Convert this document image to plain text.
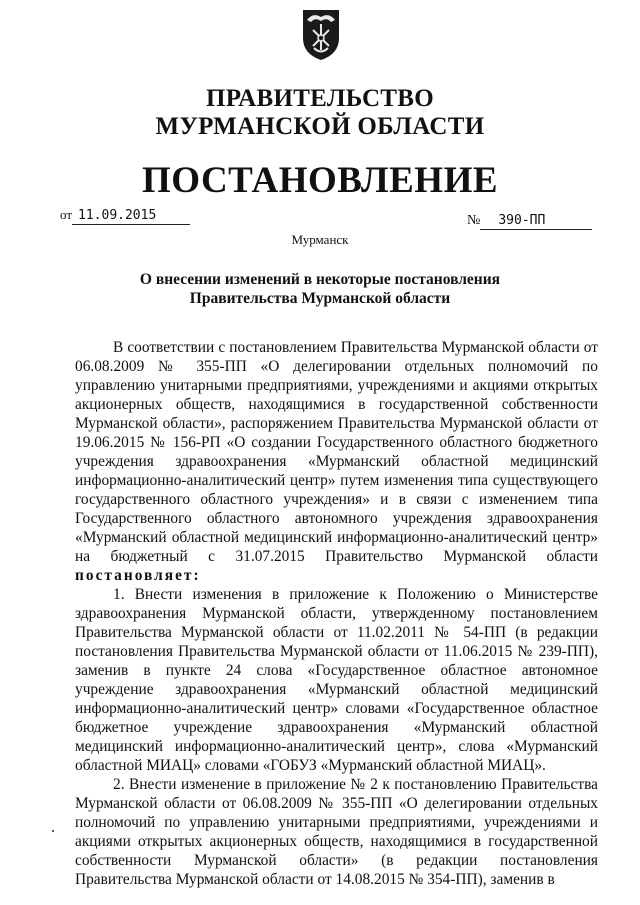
ПРАВИТЕЛЬСТВО
МУРМАНСКОЙ ОБЛАСТИ
ПОСТАНОВЛЕНИЕ
от 11.09.2015	№ 390-ПП
Мурманск
О внесении изменений в некоторые постановления
Правительства Мурманской области

В соответствии с постановлением Правительства Мурманской области от 06.08.2009 № 355-ПП «О делегировании отдельных полномочий по управлению унитарными предприятиями, учреждениями и акциями открытых акционерных обществ, находящимися в государственной собственности Мурманской области», распоряжением Правительства Мурманской области от 19.06.2015 № 156-РП «О создании Государственного областного бюджетного учреждения здравоохранения «Мурманский областной медицинский информационно-аналитический центр» путем изменения типа существующего государственного областного учреждения» и в связи с изменением типа Государственного областного автономного учреждения здравоохранения «Мурманский областной медицинский информационно-аналитический центр» на бюджетный с 31.07.2015 Правительство Мурманской области постановляет:

1. Внести изменения в приложение к Положению о Министерстве здравоохранения Мурманской области, утвержденному постановлением Правительства Мурманской области от 11.02.2011 № 54-ПП (в редакции постановления Правительства Мурманской области от 11.06.2015 № 239-ПП), заменив в пункте 24 слова «Государственное областное автономное учреждение здравоохранения «Мурманский областной медицинский информационно-аналитический центр» словами «Государственное областное бюджетное учреждение здравоохранения «Мурманский областной медицинский информационно-аналитический центр», слова «Мурманский областной МИАЦ» словами «ГОБУЗ «Мурманский областной МИАЦ».

2. Внести изменение в приложение № 2 к постановлению Правительства Мурманской области от 06.08.2009 № 355-ПП «О делегировании отдельных полномочий по управлению унитарными предприятиями, учреждениями и акциями открытых акционерных обществ, находящимися в государственной собственности Мурманской области» (в редакции постановления Правительства Мурманской области от 14.08.2015 № 354-ПП), заменив в
